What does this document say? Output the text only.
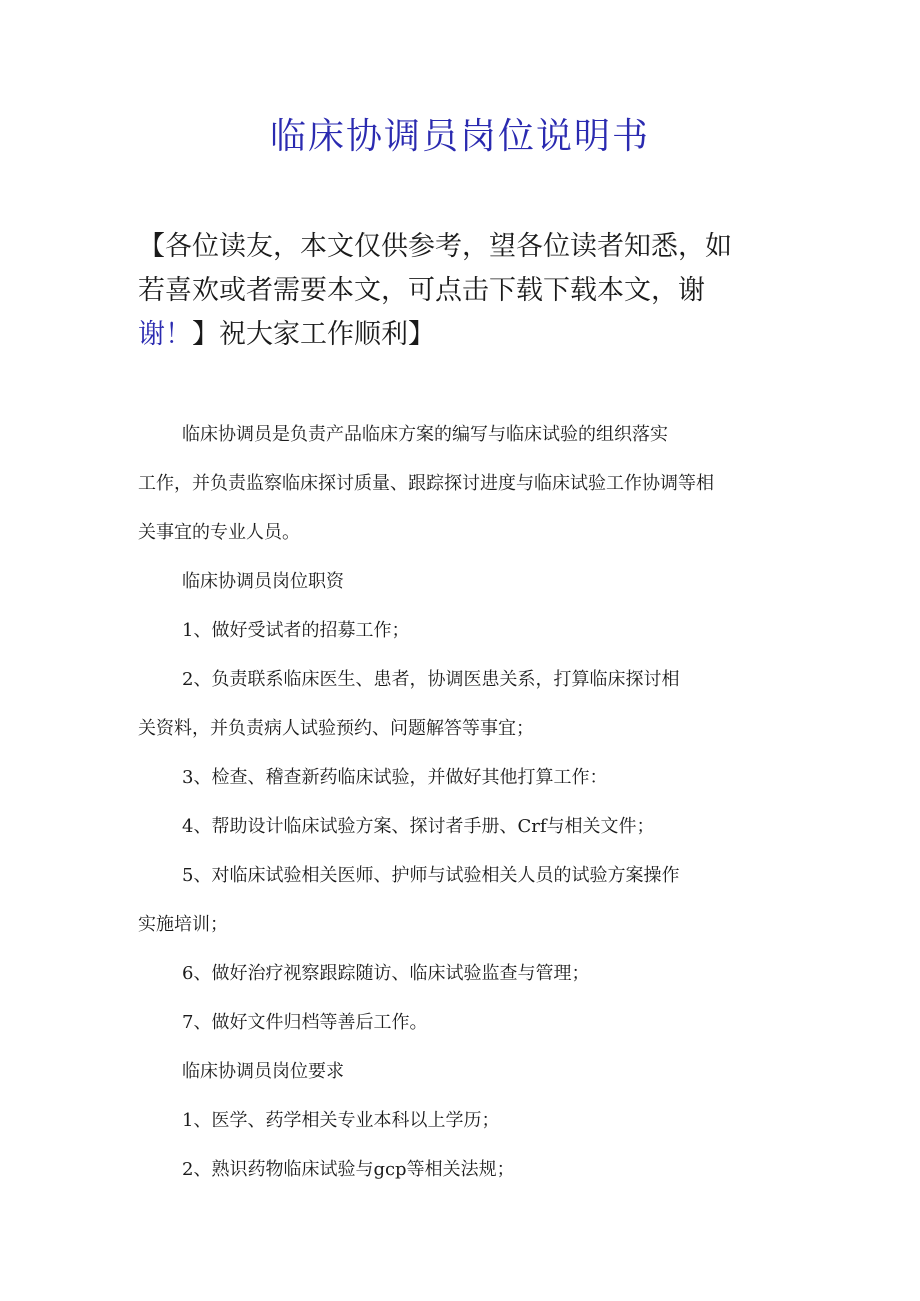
临床协调员岗位说明书

【各位读友，本文仅供参考，望各位读者知悉，如
若喜欢或者需要本文，可点击下载下载本文，谢
谢！】祝大家工作顺利】

临床协调员是负责产品临床方案的编写与临床试验的组织落实

工作，并负责监察临床探讨质量、跟踪探讨进度与临床试验工作协调等相

关事宜的专业人员。

临床协调员岗位职资

1、做好受试者的招募工作；

2、负责联系临床医生、患者，协调医患关系，打算临床探讨相

关资料，并负责病人试验预约、问题解答等事宜；

3、检查、稽查新药临床试验，并做好其他打算工作：

4、帮助设计临床试验方案、探讨者手册、Crf与相关文件；

5、对临床试验相关医师、护师与试验相关人员的试验方案操作

实施培训；

6、做好治疗视察跟踪随访、临床试验监查与管理；

7、做好文件归档等善后工作。

临床协调员岗位要求

1、医学、药学相关专业本科以上学历；

2、熟识药物临床试验与gcp等相关法规；
